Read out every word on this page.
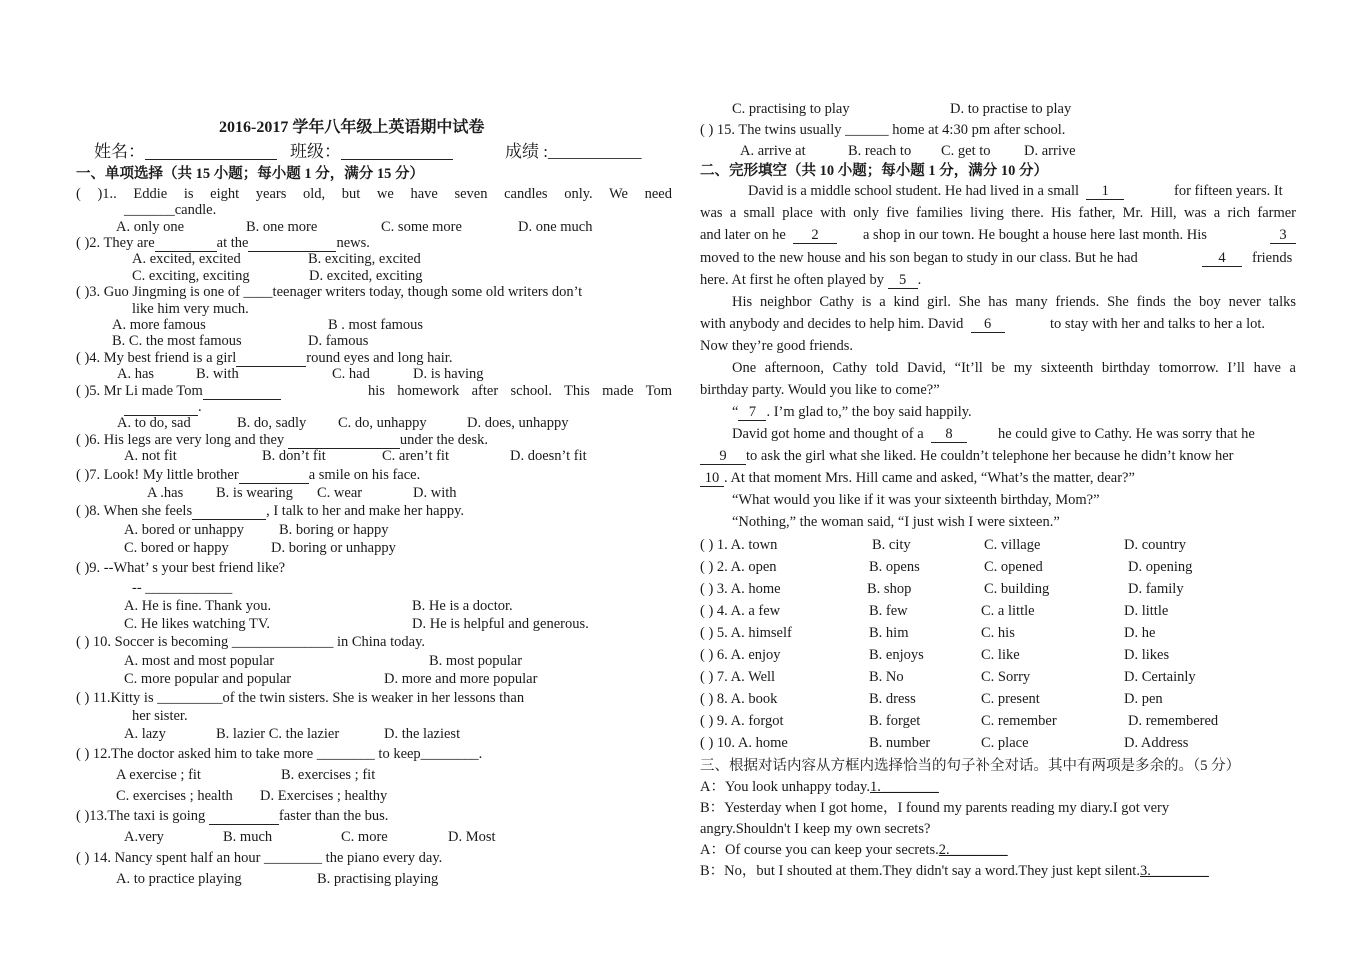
2016-2017 学年八年级上英语期中试卷
姓名：	班级：	成绩 :___________
一、单项选择（共 15 小题；每小题 1 分，满分 15 分）
( )1.. Eddie is eight years old, but we have seven candles only. We need
_______candle.
A. only one	B. one more	C. some more	D. one much
( )2. They are	at the	news.
A. excited, excited	B. exciting, excited
C. exciting, exciting	D. excited, exciting
( )3. Guo Jingming is one of ____teenager writers today, though some old writers don’t
like him very much.
A. more famous	B . most famous
B. C. the most famous	D. famous
( )4. My best friend is a girl	round eyes and long hair.
A. has	B. with	C. had	D. is having
( )5. Mr Li made Tom	his homework after school. This made Tom
.
A. to do, sad	B. do, sadly C. do, unhappy	D. does, unhappy
( )6. His legs are very long and they	under the desk.
A. not fit	B. don’t fit	C. aren’t fit	D. doesn’t fit
( )7. Look! My little brother	a smile on his face.
A .has B. is wearing C. wear	D. with
( )8. When she feels	, I talk to her and make her happy.
A. bored or unhappy B. boring or happy
C. bored or happy	D. boring or unhappy
( )9. --What’ s your best friend like?
-- ____________
A. He is fine. Thank you.	B. He is a doctor.
C. He likes watching TV.	D. He is helpful and generous.
( ) 10. Soccer is becoming ______________ in China today.
A. most and most popular	B. most popular
C. more popular and popular	D. more and more popular
( ) 11.Kitty is _________of the twin sisters. She is weaker in her lessons than
her sister.
A. lazy	B. lazier C. the lazier	D. the laziest
( ) 12.The doctor asked him to take more ________ to keep________.
A exercise ; fit	B. exercises ; fit
C. exercises ; health D. Exercises ; healthy
( )13.The taxi is going	faster than the bus.
A.very	B. much	C. more	D. Most
( ) 14. Nancy spent half an hour ________ the piano every day.
A. to practice playing	B. practising playing
C. practising to play	D. to practise to play
( ) 15. The twins usually ______ home at 4:30 pm after school.
A. arrive at	B. reach to C. get to D. arrive
二、完形填空（共 10 小题；每小题 1 分，满分 10 分）
David is a middle school student. He had lived in a small 1	for fifteen years. It
was a small place with only five families living there. His father, Mr. Hill, was a rich farmer
and later on he 2	a shop in our town. He bought a house here last month. His	3
moved to the new house and his son began to study in our class. But he had	4	friends
here. At first he often played by 5 .
His neighbor Cathy is a kind girl. She has many friends. She finds the boy never talks
with anybody and decides to help him. David 6	to stay with her and talks to her a lot.
Now they’re good friends.
One afternoon, Cathy told David, “It’ll be my sixteenth birthday tomorrow. I’ll have a
birthday party. Would you like to come?”
“ 7 . I’m glad to,” the boy said happily.
David got home and thought of a 8	he could give to Cathy. He was sorry that he
9 to ask the girl what she liked. He couldn’t telephone her because he didn’t know her
10 . At that moment Mrs. Hill came and asked, “What’s the matter, dear?”
“What would you like if it was your sixteenth birthday, Mom?”
“Nothing,” the woman said, “I just wish I were sixteen.”
( ) 1. A. town	B. city	C. village	D. country
( ) 2. A. open	B. opens	C. opened	D. opening
( ) 3. A. home	B. shop	C. building	D. family
( ) 4. A. a few	B. few	C. a little	D. little
( ) 5. A. himself	B. him	C. his	D. he
( ) 6. A. enjoy	B. enjoys	C. like	D. likes
( ) 7. A. Well	B. No	C. Sorry	D. Certainly
( ) 8. A. book	B. dress	C. present	D. pen
( ) 9. A. forgot	B. forget	C. remember	D. remembered
( ) 10. A. home	B. number	C. place	D. Address
三、根据对话内容从方框内选择恰当的句子补全对话。其中有两项是多余的。（5 分）
A：You look unhappy today.1.________
B：Yesterday when I got home，I found my parents reading my diary.I got very
angry.Shouldn't I keep my own secrets?
A：Of course you can keep your secrets.2.________
B：No，but I shouted at them.They didn't say a word.They just kept silent.3.________
